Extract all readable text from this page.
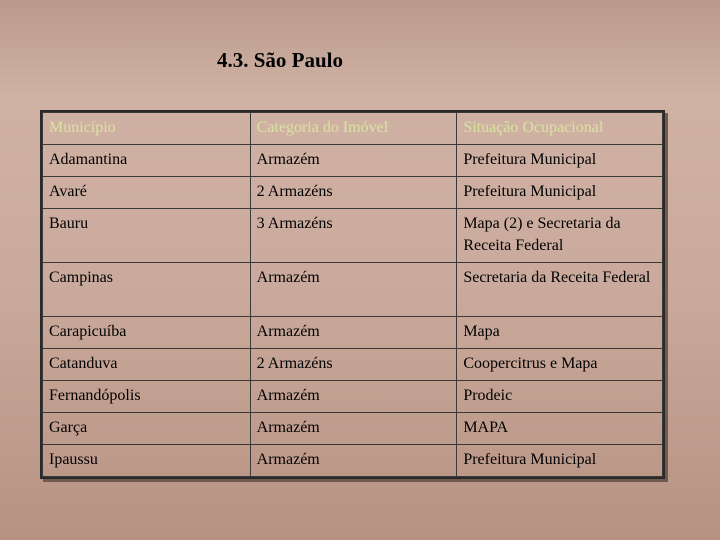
4.3. São Paulo
Município	Categoria do Imóvel	Situação Ocupacional
Adamantina	Armazém	Prefeitura Municipal
Avaré	2 Armazéns	Prefeitura Municipal
Bauru	3 Armazéns	Mapa (2) e Secretaria da Receita Federal
Campinas	Armazém	Secretaria da Receita Federal
Carapicuíba	Armazém	Mapa
Catanduva	2 Armazéns	Coopercitrus e Mapa
Fernandópolis	Armazém	Prodeic
Garça	Armazém	MAPA
Ipaussu	Armazém	Prefeitura Municipal
